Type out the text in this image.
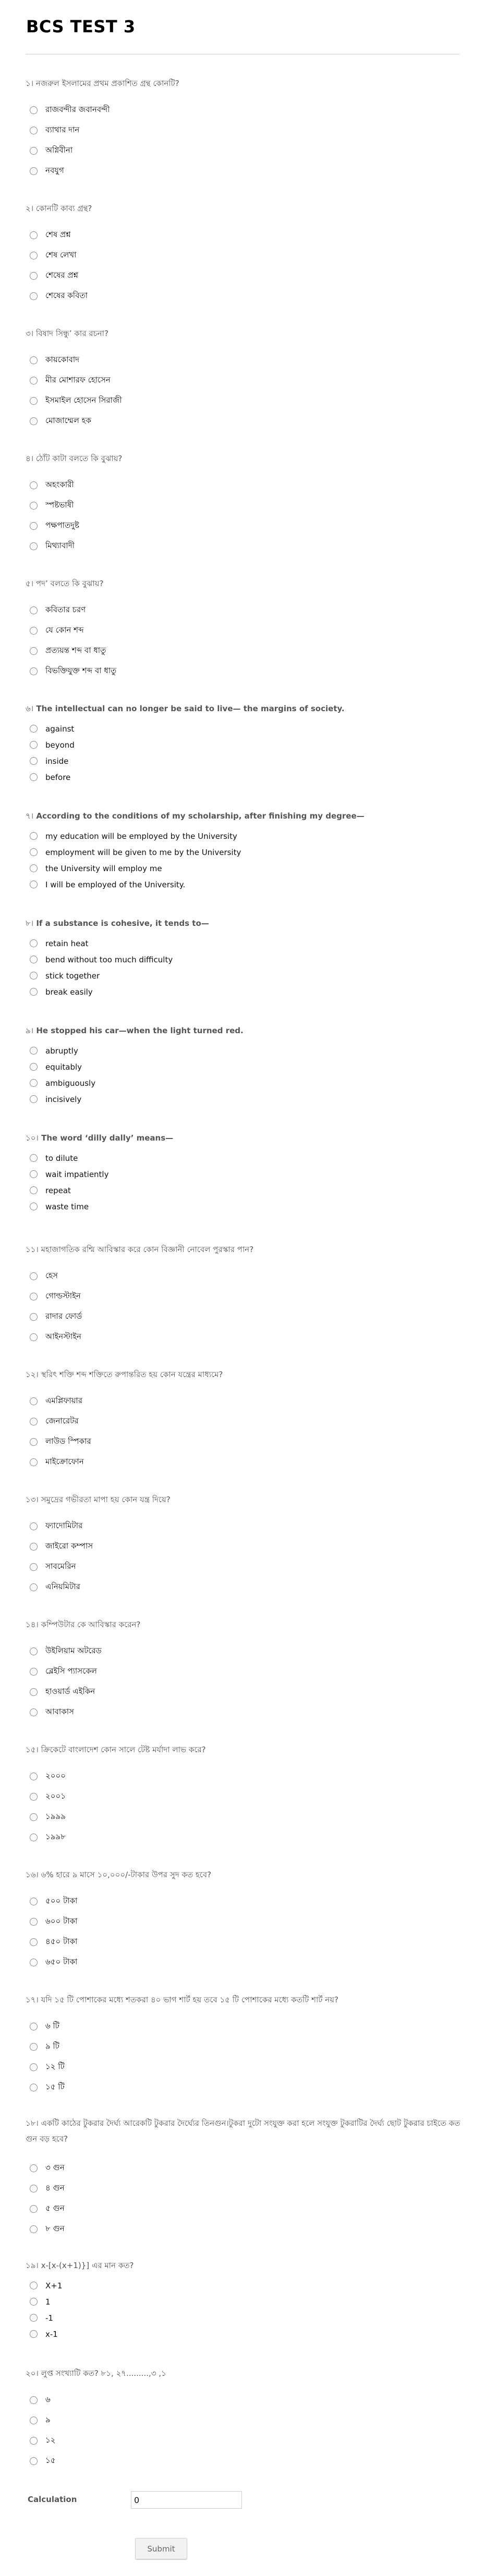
BCS TEST 3
১। নজরুল ইসলামের প্রথম প্রকাশিত গ্রন্থ কোনটি?
রাজবন্দীর জবানবন্দী
ব্যাথার দান
অগ্নিবীনা
নবযুগ
২। কোনটি কাব্য গ্রন্থ?
শেষ প্রশ্ন
শেষ লেখা
শেষের প্রশ্ন
শেষের কবিতা
৩। বিষাদ সিন্ধু’ কার রচনা?
কায়কোবাদ
মীর মোশারফ হোসেন
ইসমাইল হোসেন সিরাজী
মোজাম্মেল হক
৪। ঠোঁট কাটা বলতে কি বুঝায়?
অহংকারী
স্পষ্টভাষী
পক্ষপাতদুষ্ট
মিথ্যাবাদী
৫। পদ’ বলতে কি বুঝায়?
কবিতার চরণ
যে কোন শব্দ
প্রত্যয়ন্ত শব্দ বা ধাতু
বিভক্তিযুক্ত শব্দ বা ধাতু
৬। The intellectual can no longer be said to live— the margins of society.
against
beyond
inside
before
৭। According to the conditions of my scholarship, after finishing my degree—
my education will be employed by the University
employment will be given to me by the University
the University will employ me
I will be employed of the University.
৮। If a substance is cohesive, it tends to—
retain heat
bend without too much difficulty
stick together
break easily
৯। He stopped his car—when the light turned red.
abruptly
equitably
ambiguously
incisively
১০। The word ‘dilly dally’ means—
to dilute
wait impatiently
repeat
waste time
১১। মহাজাগতিক রশ্মি আবিস্কার করে কোন বিজ্ঞানী নোবেল পুরস্কার পান?
হেস
গোল্ডস্টাইন
রাদার ফোর্ড
আইনস্টাইন
১২। স্থরিৎ শক্তি শব্দ শক্তিতে রুপান্তরিত হয় কোন যন্ত্রের মাধ্যমে?
এমপ্লিফায়ার
জেনারেটর
লাউড স্পিকার
মাইক্রোফোন
১৩। সমুদ্রের গভীরতা মাপা হয় কোন যন্ত্র দিয়ে?
ফ্যাদোমিটার
জাইরো কম্পাস
সাবমেরিন
এনিয়মিটার
১৪। কম্পিউটার কে আবিস্কার করেন?
উইলিয়াম অটরেড
ব্লেইসি প্যাসকেল
হাওয়ার্ড এইকিন
আবাকাস
১৫। ক্রিকেটে বাংলাদেশ কোন সালে টেষ্ট মর্যাদা লাভ করে?
২০০০
২০০১
১৯৯৯
১৯৯৮
১৬। ৬% হারে ৯ মাসে ১০,০০০/-টাকার উপর সুদ কত হবে?
৫০০ টাকা
৬০০ টাকা
৪৫০ টাকা
৬৫০ টাকা
১৭। যদি ১৫ টি পোশাকের মধ্যে শতকরা ৪০ ভাগ শার্ট হয় তবে ১৫ টি পোশাকের মধ্যে কতটি শার্ট নয়?
৬ টি
৯ টি
১২ টি
১৫ টি
১৮। একটি কাঠের টুকরার দৈর্ঘ্য আরেকটি টুকরার দৈর্ঘ্যের তিনগুন।টুকরা দুটো সংযুক্ত করা হলে সংযুক্ত টুকরাটির দৈর্ঘ্য ছোট টুকরার চাইতে কত গুন বড় হবে?
৩ গুন
৪ গুন
৫ গুন
৮ গুন
১৯। x-[x-(x+1)}] এর মান কত?
X+1
1
-1
x-1
২০। লুপ্ত সংখ্যাটি কত? ৮১, ২৭.........,৩ ,১
৬
৯
১২
১৫
Calculation
0
Submit
